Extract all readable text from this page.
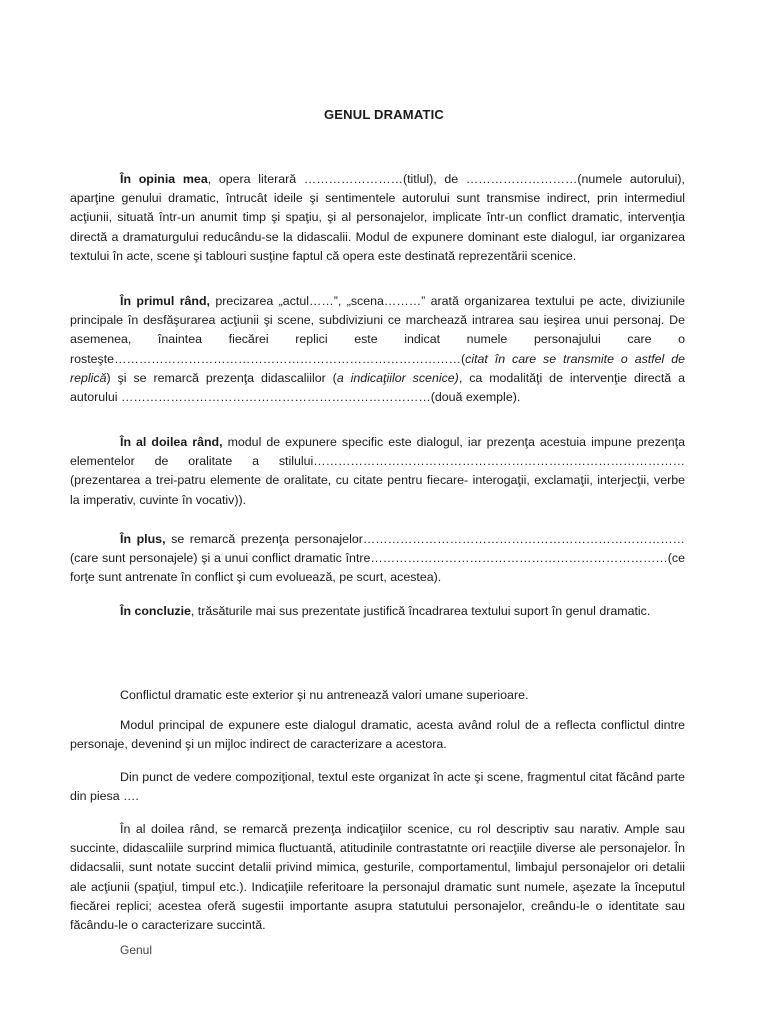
GENUL DRAMATIC

În opinia mea, opera literară ……………………(titlul), de ………………………(numele autorului), aparţine genului dramatic, întrucât ideile şi sentimentele autorului sunt transmise indirect, prin intermediul acţiunii, situată într-un anumit timp şi spaţiu, şi al personajelor, implicate într-un conflict dramatic, intervenţia directă a dramaturgului reducându-se la didascalii. Modul de expunere dominant este dialogul, iar organizarea textului în acte, scene şi tablouri susţine faptul că opera este destinată reprezentării scenice.

În primul rând, precizarea „actul……”, „scena………” arată organizarea textului pe acte, diviziunile principale în desfăşurarea acţiunii şi scene, subdiviziuni ce marchează intrarea sau ieşirea unui personaj. De asemenea, înaintea fiecărei replici este indicat numele personajului care o rosteşte…………………………………………………………………………(citat în care se transmite o astfel de replică) şi se remarcă prezenţa didascaliilor (a indicaţiilor scenice), ca modalităţi de intervenţie directă a autorului …………………………………………………………………(două exemple).

În al doilea rând, modul de expunere specific este dialogul, iar prezenţa acestuia impune prezenţa elementelor de oralitate a stilului……………………………………………………………………………… (prezentarea a trei-patru elemente de oralitate, cu citate pentru fiecare- interogaţii, exclamaţii, interjecţii, verbe la imperativ, cuvinte în vocativ)).

În plus, se remarcă prezenţa personajelor…………………………………………………………………… (care sunt personajele) şi a unui conflict dramatic între………………………………………………………………(ce forţe sunt antrenate în conflict şi cum evoluează, pe scurt, acestea).

În concluzie, trăsăturile mai sus prezentate justifică încadrarea textului suport în genul dramatic.

Conflictul dramatic este exterior şi nu antrenează valori umane superioare.

Modul principal de expunere este dialogul dramatic, acesta având rolul de a reflecta conflictul dintre personaje, devenind şi un mijloc indirect de caracterizare a acestora.

Din punct de vedere compoziţional, textul este organizat în acte şi scene, fragmentul citat făcând parte din piesa ….

În al doilea rând, se remarcă prezenţa indicaţiilor scenice, cu rol descriptiv sau narativ. Ample sau succinte, didascaliile surprind mimica fluctuantă, atitudinile contrastatnte ori reacţiile diverse ale personajelor. În didacsalii, sunt notate succint detalii privind mimica, gesturile, comportamentul, limbajul personajelor ori detalii ale acţiunii (spaţiul, timpul etc.). Indicaţiile referitoare la personajul dramatic sunt numele, aşezate la începutul fiecărei replici; acestea oferă sugestii importante asupra statutului personajelor, creându-le o identitate sau făcându-le o caracterizare succintă.

Genul
